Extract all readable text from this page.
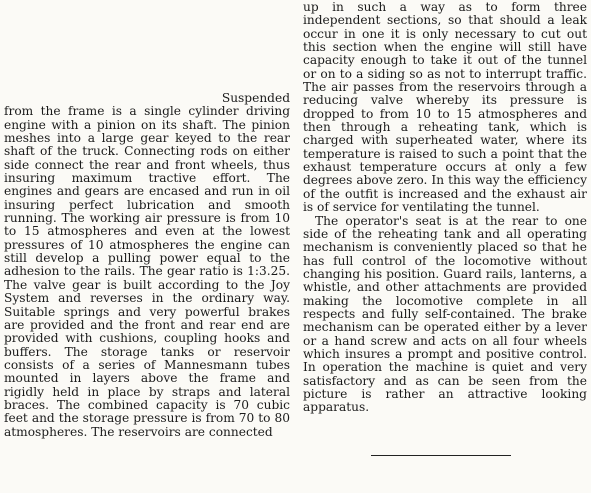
Suspended

from the frame is a single cylinder driving engine with a pinion on its shaft. The pinion meshes into a large gear keyed to the rear shaft of the truck. Connecting rods on either side connect the rear and front wheels, thus insuring maximum tractive effort. The engines and gears are encased and run in oil insuring perfect lubrication and smooth running. The working air pressure is from 10 to 15 atmospheres and even at the lowest pressures of 10 atmospheres the engine can still develop a pulling power equal to the adhesion to the rails. The gear ratio is 1:3.25. The valve gear is built according to the Joy System and reverses in the ordinary way. Suitable springs and very powerful brakes are provided and the front and rear end are provided with cushions, coupling hooks and buffers. The storage tanks or reservoir consists of a series of Mannesmann tubes mounted in layers above the frame and rigidly held in place by straps and lateral braces. The combined capacity is 70 cubic feet and the storage pressure is from 70 to 80 atmospheres. The reservoirs are connected

up in such a way as to form three independent sections, so that should a leak occur in one it is only necessary to cut out this section when the engine will still have capacity enough to take it out of the tunnel or on to a siding so as not to interrupt traffic. The air passes from the reservoirs through a reducing valve whereby its pressure is dropped to from 10 to 15 atmospheres and then through a reheating tank, which is charged with superheated water, where its temperature is raised to such a point that the exhaust temperature occurs at only a few degrees above zero. In this way the efficiency of the outfit is increased and the exhaust air is of service for ventilating the tunnel.

The operator's seat is at the rear to one side of the reheating tank and all operating mechanism is conveniently placed so that he has full control of the locomotive without changing his position. Guard rails, lanterns, a whistle, and other attachments are provided making the locomotive complete in all respects and fully self-contained. The brake mechanism can be operated either by a lever or a hand screw and acts on all four wheels which insures a prompt and positive control. In operation the machine is quiet and very satisfactory and as can be seen from the picture is rather an attractive looking apparatus.
